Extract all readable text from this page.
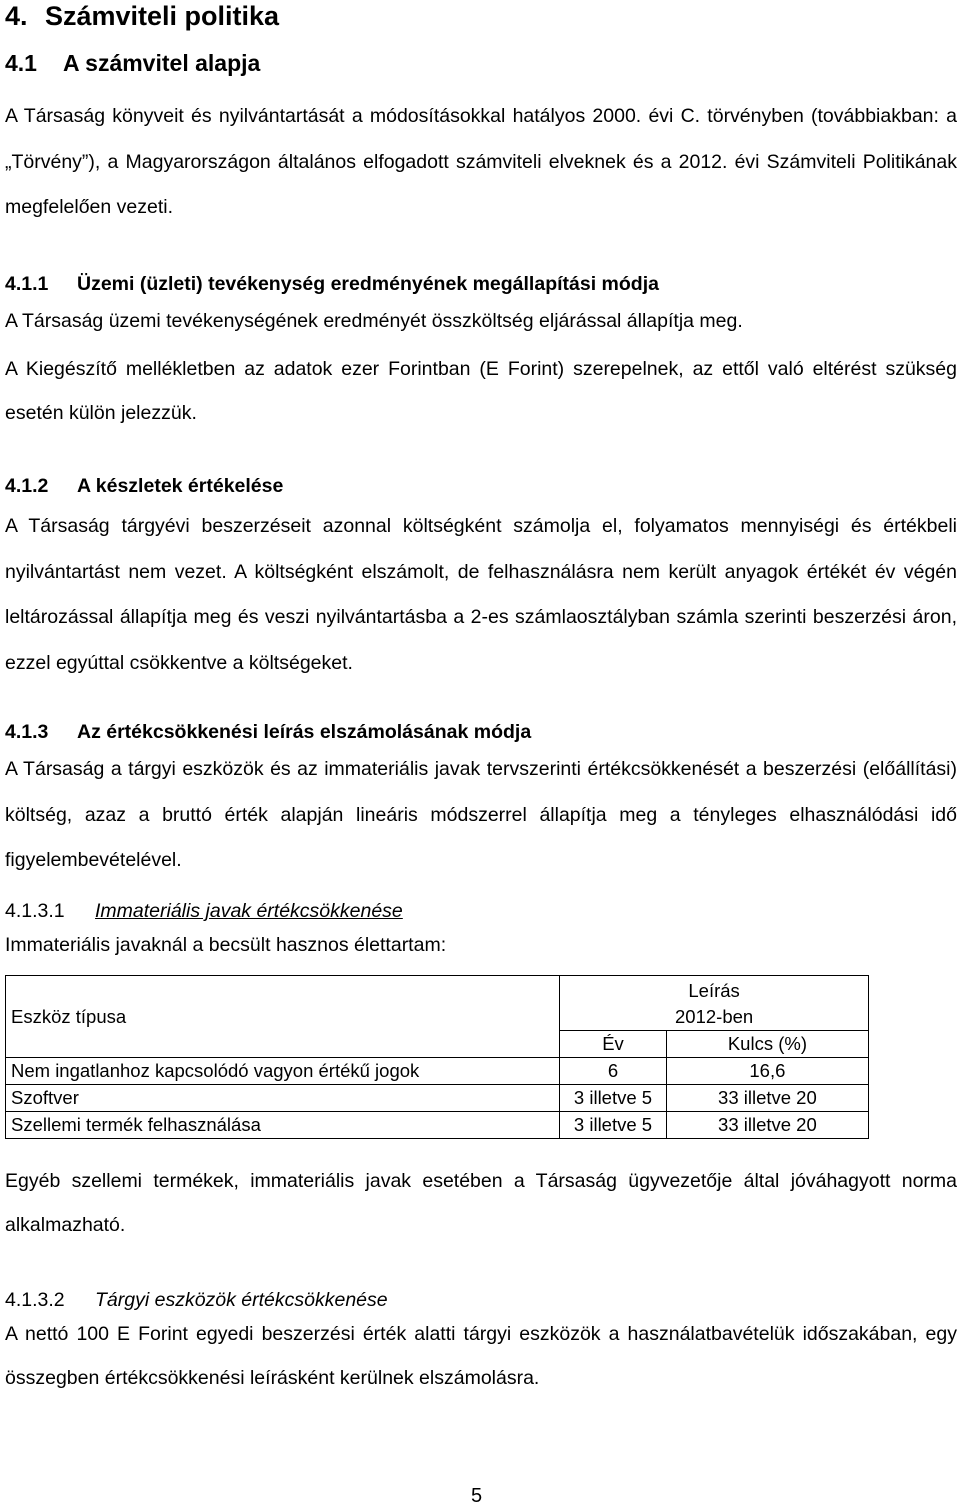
4. Számviteli politika
4.1 A számvitel alapja

A Társaság könyveit és nyilvántartását a módosításokkal hatályos 2000. évi C. törvényben (továbbiakban: a „Törvény”), a Magyarországon általános elfogadott számviteli elveknek és a 2012. évi Számviteli Politikának megfelelően vezeti.

4.1.1 Üzemi (üzleti) tevékenység eredményének megállapítási módja

A Társaság üzemi tevékenységének eredményét összköltség eljárással állapítja meg.

A Kiegészítő mellékletben az adatok ezer Forintban (E Forint) szerepelnek, az ettől való eltérést szükség esetén külön jelezzük.

4.1.2 A készletek értékelése

A Társaság tárgyévi beszerzéseit azonnal költségként számolja el, folyamatos mennyiségi és értékbeli nyilvántartást nem vezet. A költségként elszámolt, de felhasználásra nem került anyagok értékét év végén leltározással állapítja meg és veszi nyilvántartásba a 2-es számlaosztályban számla szerinti beszerzési áron, ezzel egyúttal csökkentve a költségeket.

4.1.3 Az értékcsökkenési leírás elszámolásának módja

A Társaság a tárgyi eszközök és az immateriális javak tervszerinti értékcsökkenését a beszerzési (előállítási) költség, azaz a bruttó érték alapján lineáris módszerrel állapítja meg a tényleges elhasználódási idő figyelembevételével.

4.1.3.1 Immateriális javak értékcsökkenése

Immateriális javaknál a becsült hasznos élettartam:

Eszköz típusa	Leírás
2012-ben	

	Év	Kulcs (%)
Nem ingatlanhoz kapcsolódó vagyon értékű jogok	6	16,6
Szoftver	3 illetve 5	33 illetve 20
Szellemi termék felhasználása	3 illetve 5	33 illetve 20

Egyéb szellemi termékek, immateriális javak esetében a Társaság ügyvezetője által jóváhagyott norma alkalmazható.

4.1.3.2 Tárgyi eszközök értékcsökkenése

A nettó 100 E Forint egyedi beszerzési érték alatti tárgyi eszközök a használatbavételük időszakában, egy összegben értékcsökkenési leírásként kerülnek elszámolásra.

5
